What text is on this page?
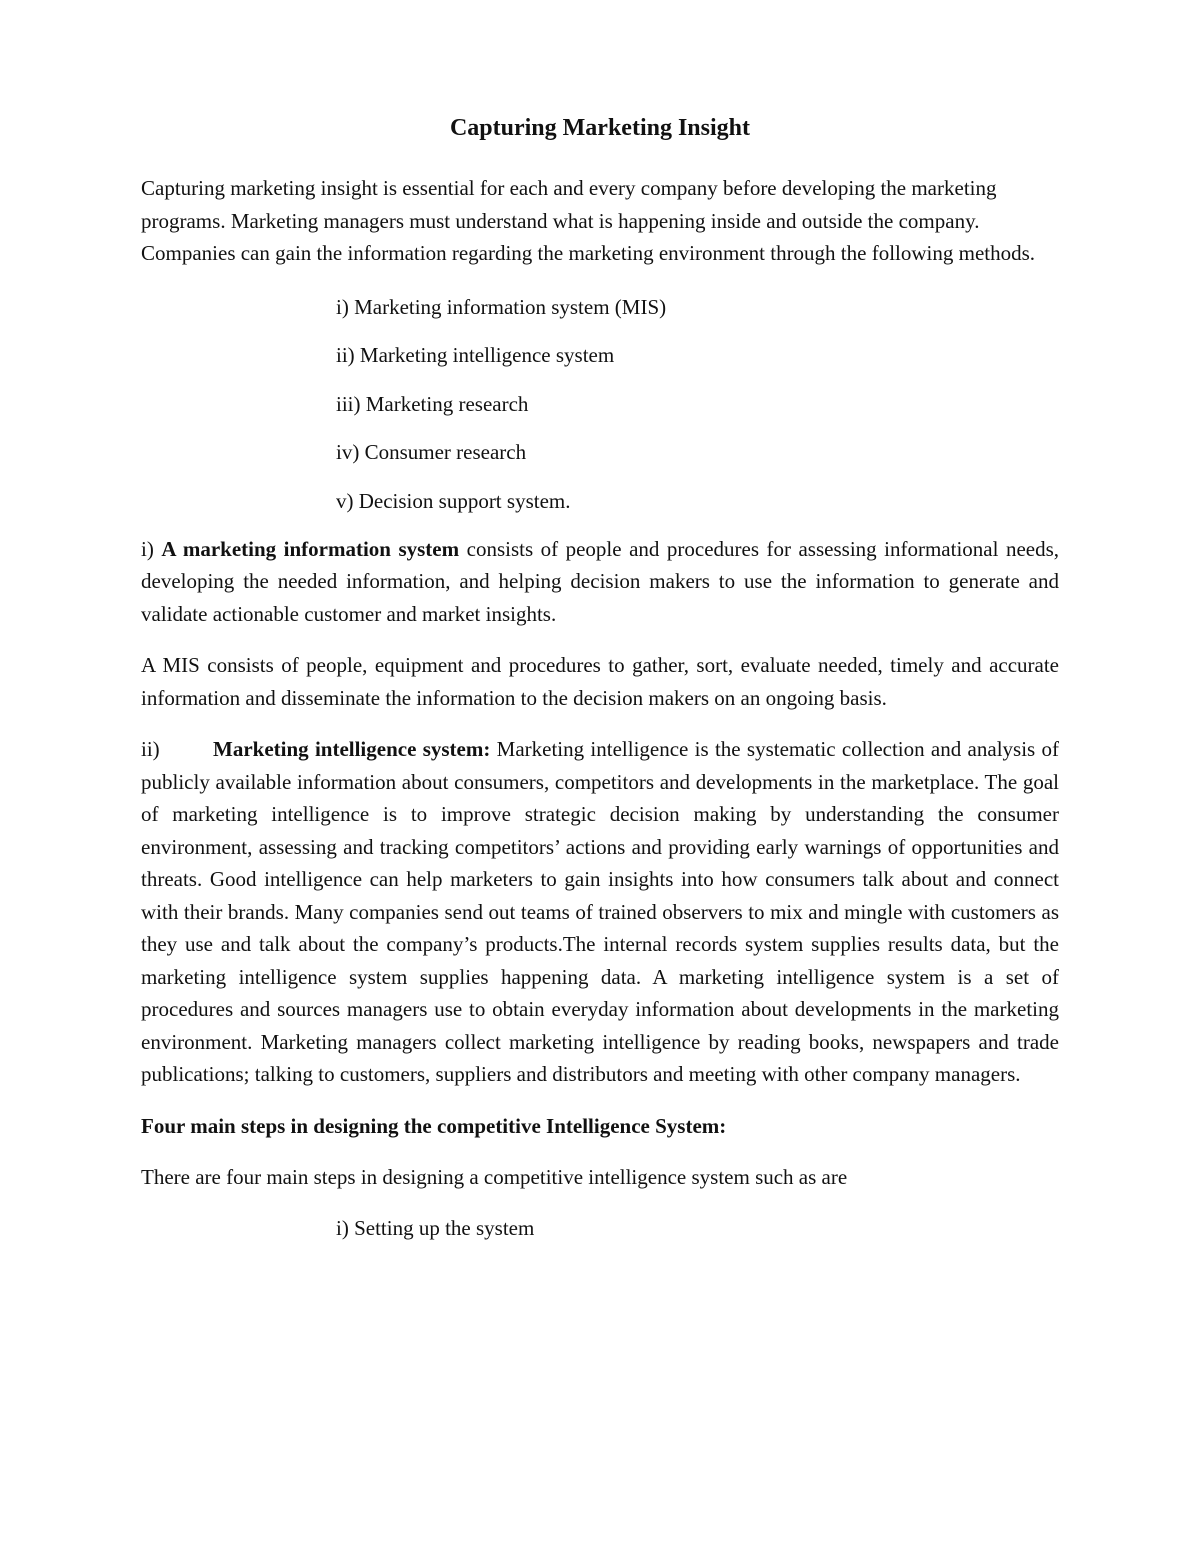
Capturing Marketing Insight

Capturing marketing insight is essential for each and every company before developing the marketing programs. Marketing managers must understand what is happening inside and outside the company. Companies can gain the information regarding the marketing environment through the following methods.

i) Marketing information system (MIS)
ii) Marketing intelligence system
iii) Marketing research
iv) Consumer research
v) Decision support system.

i) A marketing information system consists of people and procedures for assessing informational needs, developing the needed information, and helping decision makers to use the information to generate and validate actionable customer and market insights.

A MIS consists of people, equipment and procedures to gather, sort, evaluate needed, timely and accurate information and disseminate the information to the decision makers on an ongoing basis.

ii)	Marketing intelligence system: Marketing intelligence is the systematic collection and analysis of publicly available information about consumers, competitors and developments in the marketplace. The goal of marketing intelligence is to improve strategic decision making by understanding the consumer environment, assessing and tracking competitors’ actions and providing early warnings of opportunities and threats. Good intelligence can help marketers to gain insights into how consumers talk about and connect with their brands. Many companies send out teams of trained observers to mix and mingle with customers as they use and talk about the company’s products.The internal records system supplies results data, but the marketing intelligence system supplies happening data. A marketing intelligence system is a set of procedures and sources managers use to obtain everyday information about developments in the marketing environment. Marketing managers collect marketing intelligence by reading books, newspapers and trade publications; talking to customers, suppliers and distributors and meeting with other company managers.

Four main steps in designing the competitive Intelligence System:

There are four main steps in designing a competitive intelligence system such as are

i) Setting up the system
